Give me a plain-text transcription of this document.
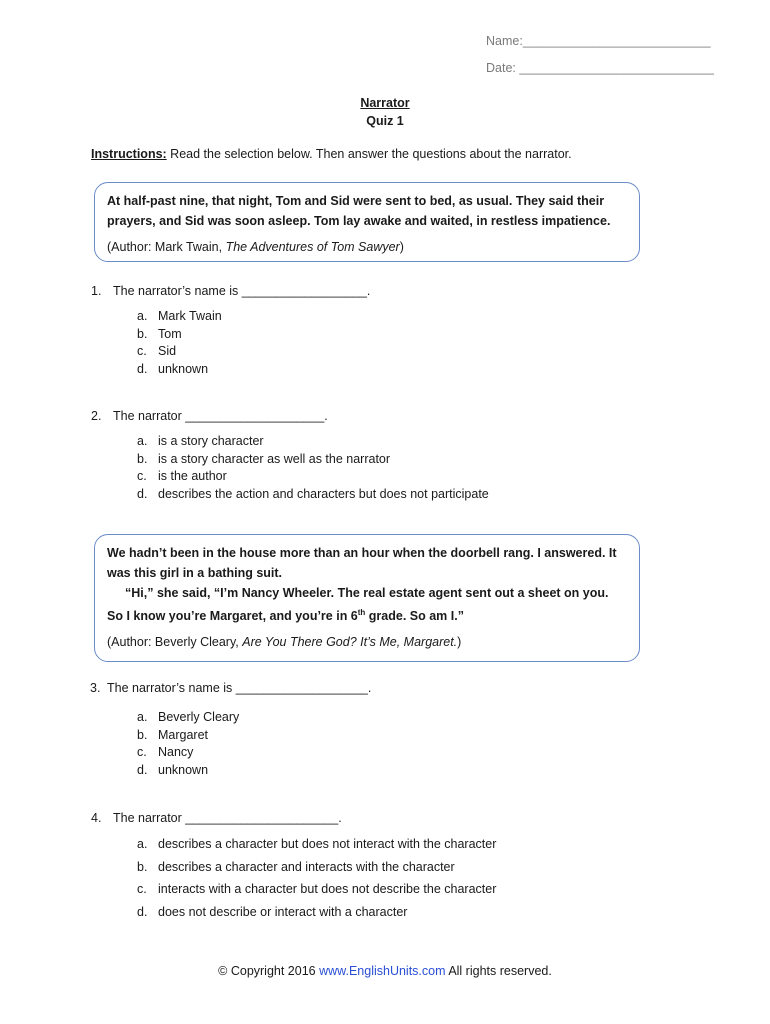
Name:___________________________
Date: ____________________________
Narrator
Quiz 1
Instructions: Read the selection below. Then answer the questions about the narrator.
At half-past nine, that night, Tom and Sid were sent to bed, as usual. They said their prayers, and Sid was soon asleep. Tom lay awake and waited, in restless impatience.
(Author: Mark Twain, The Adventures of Tom Sawyer)
1. The narrator’s name is __________________.
a. Mark Twain
b. Tom
c. Sid
d. unknown
2. The narrator ____________________.
a. is a story character
b. is a story character as well as the narrator
c. is the author
d. describes the action and characters but does not participate
We hadn’t been in the house more than an hour when the doorbell rang. I answered. It was this girl in a bathing suit.
“Hi,” she said, “I’m Nancy Wheeler. The real estate agent sent out a sheet on you. So I know you’re Margaret, and you’re in 6th grade. So am I.”
(Author: Beverly Cleary, Are You There God? It’s Me, Margaret.)
3. The narrator’s name is ___________________.
a. Beverly Cleary
b. Margaret
c. Nancy
d. unknown
4. The narrator ______________________.
a. describes a character but does not interact with the character
b. describes a character and interacts with the character
c. interacts with a character but does not describe the character
d. does not describe or interact with a character
© Copyright 2016 www.EnglishUnits.com All rights reserved.
